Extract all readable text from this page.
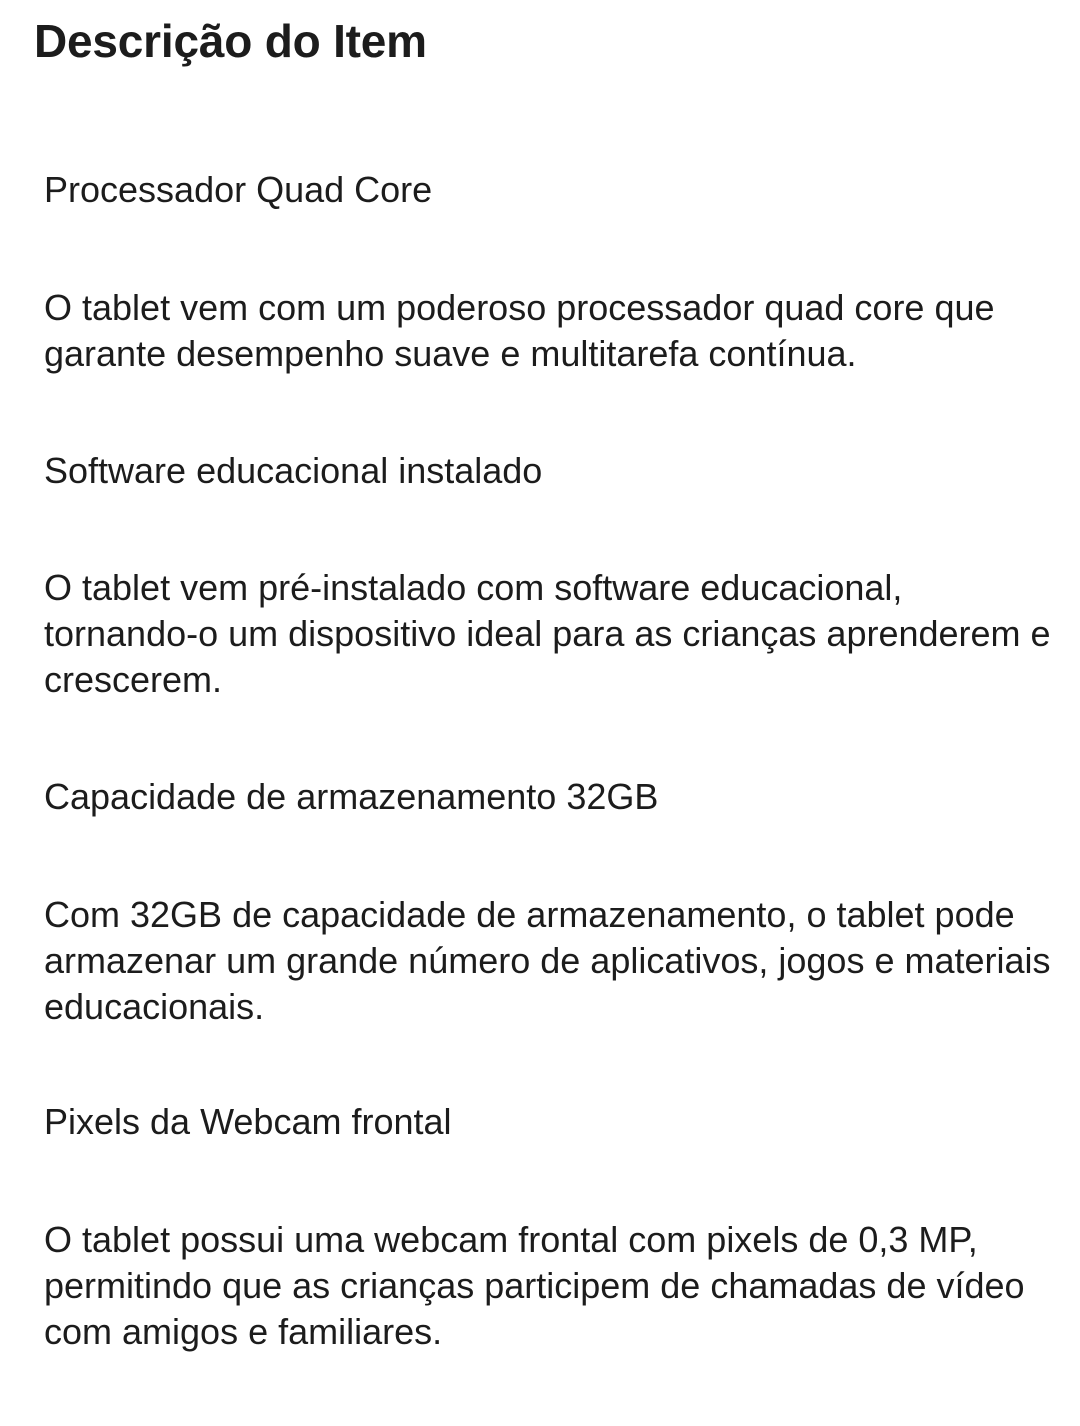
Descrição do Item

Processador Quad Core

O tablet vem com um poderoso processador quad core que garante desempenho suave e multitarefa contínua.

Software educacional instalado

O tablet vem pré-instalado com software educacional, tornando-o um dispositivo ideal para as crianças aprenderem e crescerem.

Capacidade de armazenamento 32GB

Com 32GB de capacidade de armazenamento, o tablet pode armazenar um grande número de aplicativos, jogos e materiais educacionais.

Pixels da Webcam frontal

O tablet possui uma webcam frontal com pixels de 0,3 MP, permitindo que as crianças participem de chamadas de vídeo com amigos e familiares.
